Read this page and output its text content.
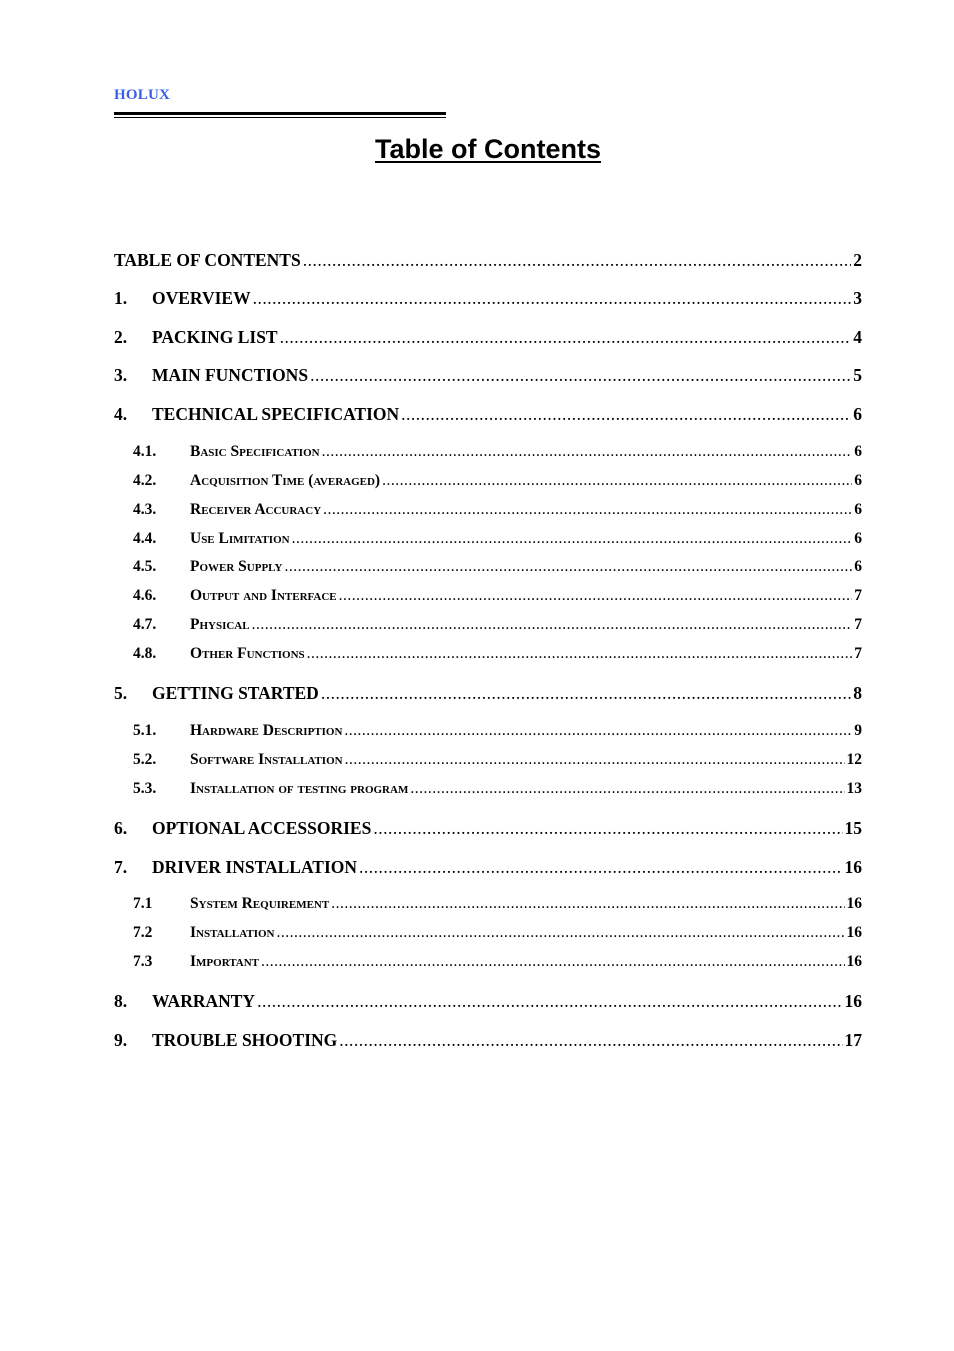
HOLUX
Table of Contents
TABLE OF CONTENTS .....	2
1.	OVERVIEW .....	3
2.	PACKING LIST .....	4
3.	MAIN FUNCTIONS .....	5
4.	TECHNICAL SPECIFICATION .....	6
4.1.	Basic Specification .....	6
4.2.	Acquisition Time (averaged) .....	6
4.3.	Receiver Accuracy .....	6
4.4.	Use Limitation .....	6
4.5.	Power Supply .....	6
4.6.	Output and Interface .....	7
4.7.	Physical .....	7
4.8.	Other Functions .....	7
5.	GETTING STARTED .....	8
5.1.	Hardware Description .....	9
5.2.	Software Installation .....	12
5.3.	Installation of testing program .....	13
6.	OPTIONAL ACCESSORIES .....	15
7.	DRIVER INSTALLATION .....	16
7.1	System Requirement .....	16
7.2	Installation .....	16
7.3	Important .....	16
8.	WARRANTY .....	16
9.	TROUBLE SHOOTING .....	17
